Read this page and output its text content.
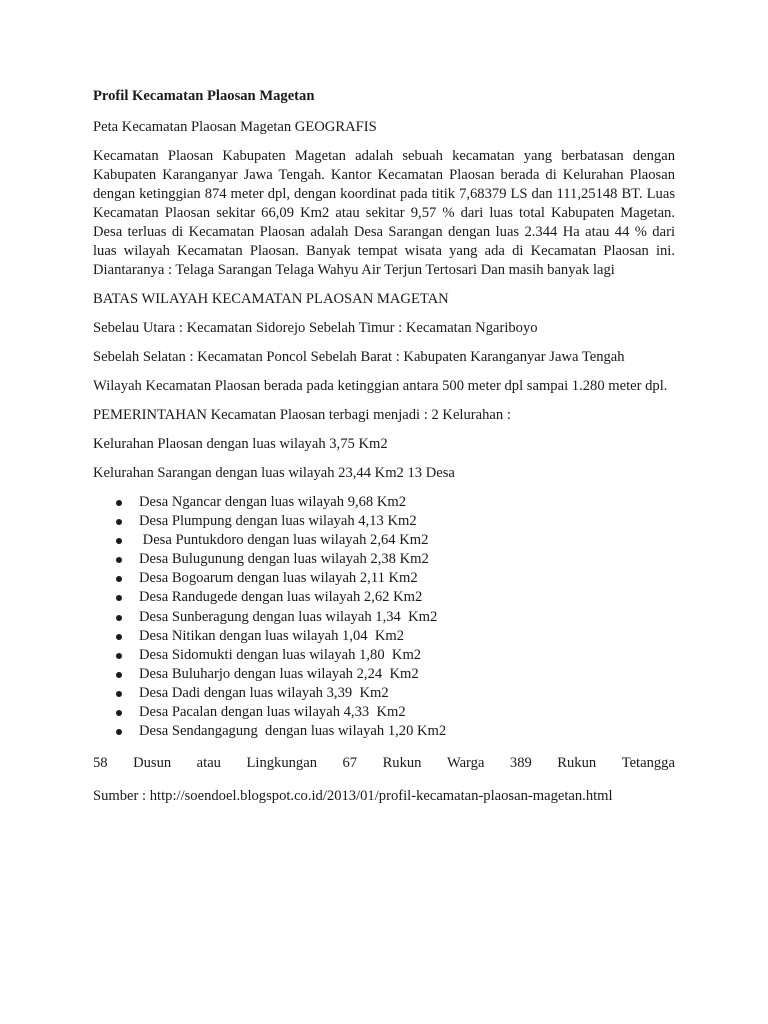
Profil Kecamatan Plaosan Magetan

Peta Kecamatan Plaosan Magetan GEOGRAFIS

Kecamatan Plaosan Kabupaten Magetan adalah sebuah kecamatan yang berbatasan dengan Kabupaten Karanganyar Jawa Tengah. Kantor Kecamatan Plaosan berada di Kelurahan Plaosan dengan ketinggian 874 meter dpl, dengan koordinat pada titik 7,68379 LS dan 111,25148 BT. Luas Kecamatan Plaosan sekitar 66,09 Km2 atau sekitar 9,57 % dari luas total Kabupaten Magetan. Desa terluas di Kecamatan Plaosan adalah Desa Sarangan dengan luas 2.344 Ha atau 44 % dari luas wilayah Kecamatan Plaosan. Banyak tempat wisata yang ada di Kecamatan Plaosan ini. Diantaranya : Telaga Sarangan Telaga Wahyu Air Terjun Tertosari Dan masih banyak lagi

BATAS WILAYAH KECAMATAN PLAOSAN MAGETAN

Sebelau Utara : Kecamatan Sidorejo Sebelah Timur : Kecamatan Ngariboyo

Sebelah Selatan : Kecamatan Poncol Sebelah Barat : Kabupaten Karanganyar Jawa Tengah

Wilayah Kecamatan Plaosan berada pada ketinggian antara 500 meter dpl sampai 1.280 meter dpl.

PEMERINTAHAN Kecamatan Plaosan terbagi menjadi : 2 Kelurahan :

Kelurahan Plaosan dengan luas wilayah 3,75 Km2

Kelurahan Sarangan dengan luas wilayah 23,44 Km2 13 Desa

Desa Ngancar dengan luas wilayah 9,68 Km2
Desa Plumpung dengan luas wilayah 4,13 Km2
Desa Puntukdoro dengan luas wilayah 2,64 Km2
Desa Bulugunung dengan luas wilayah 2,38 Km2
Desa Bogoarum dengan luas wilayah 2,11 Km2
Desa Randugede dengan luas wilayah 2,62 Km2
Desa Sunberagung dengan luas wilayah 1,34  Km2
Desa Nitikan dengan luas wilayah 1,04  Km2
Desa Sidomukti dengan luas wilayah 1,80  Km2
Desa Buluharjo dengan luas wilayah 2,24  Km2
Desa Dadi dengan luas wilayah 3,39  Km2
Desa Pacalan dengan luas wilayah 4,33  Km2
Desa Sendangagung  dengan luas wilayah 1,20 Km2
58 Dusun atau Lingkungan 67 Rukun Warga 389 Rukun Tetangga

Sumber : http://soendoel.blogspot.co.id/2013/01/profil-kecamatan-plaosan-magetan.html
